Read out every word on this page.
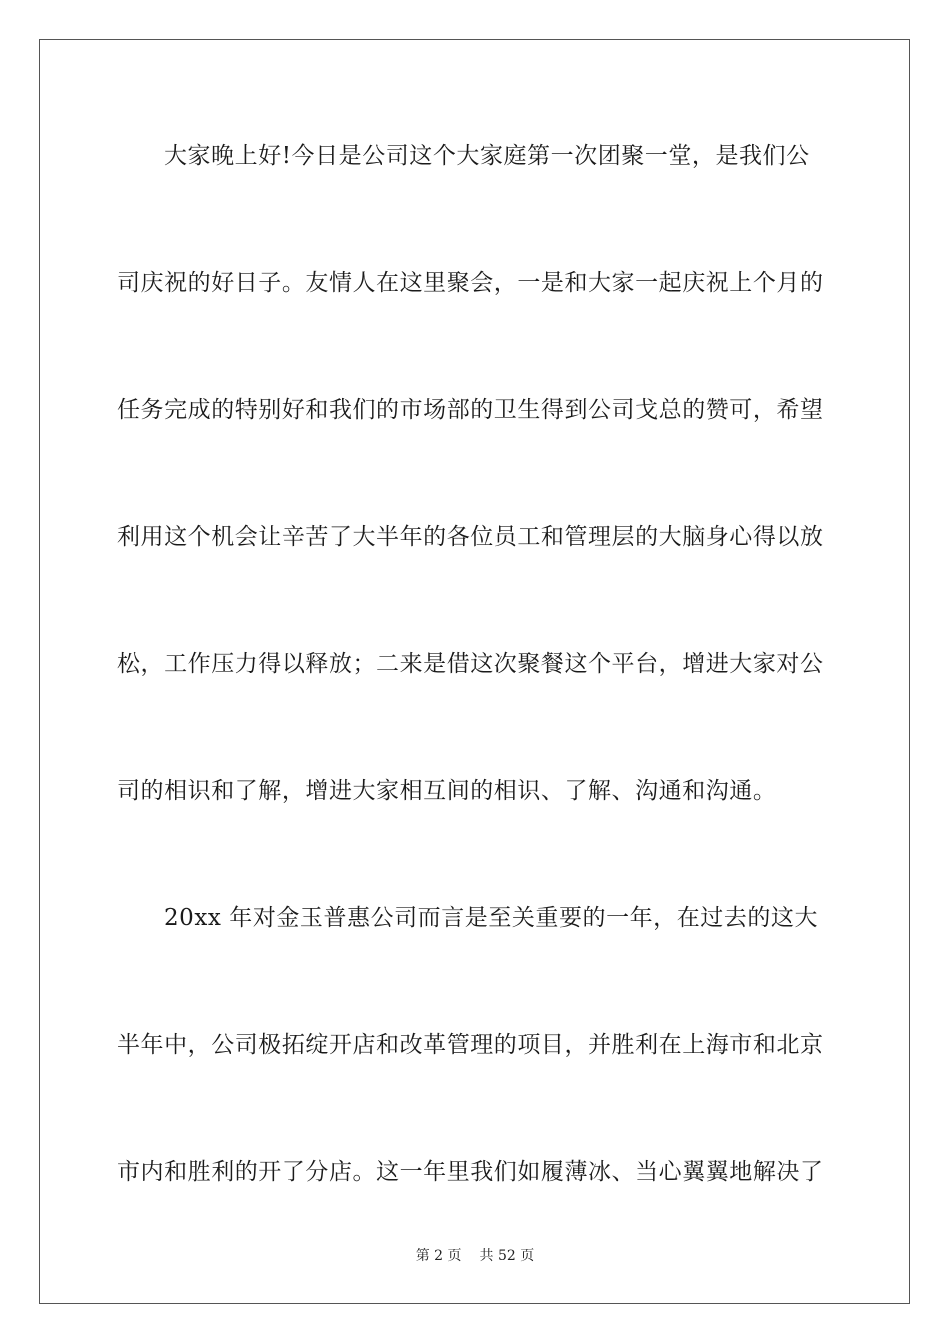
大家晚上好!今日是公司这个大家庭第一次团聚一堂，是我们公
司庆祝的好日子。友情人在这里聚会，一是和大家一起庆祝上个月的
任务完成的特别好和我们的市场部的卫生得到公司戈总的赞可，希望
利用这个机会让辛苦了大半年的各位员工和管理层的大脑身心得以放
松，工作压力得以释放；二来是借这次聚餐这个平台，增进大家对公
司的相识和了解，增进大家相互间的相识、了解、沟通和沟通。
20xx 年对金玉普惠公司而言是至关重要的一年，在过去的这大
半年中，公司极拓绽开店和改革管理的项目，并胜利在上海市和北京
市内和胜利的开了分店。这一年里我们如履薄冰、当心翼翼地解决了
第 2 页 共 52 页
